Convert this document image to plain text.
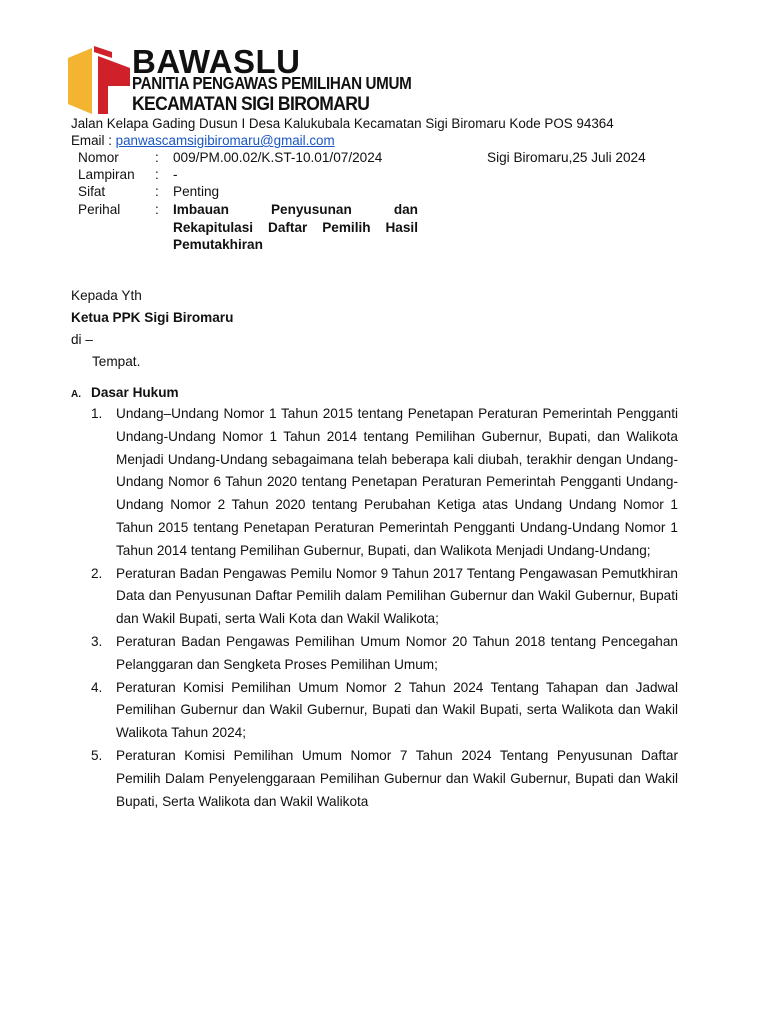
BAWASLU
PANITIA PENGAWAS PEMILIHAN UMUM
KECAMATAN SIGI BIROMARU
Jalan Kelapa Gading Dusun I Desa Kalukubala Kecamatan Sigi Biromaru Kode POS 94364
Email : panwascamsigibiromaru@gmail.com
Nomor	: 009/PM.00.02/K.ST-10.01/07/2024	Sigi Biromaru,25 Juli 2024
Lampiran : -
Sifat	: Penting
Perihal	: Imbauan Penyusunan dan Rekapitulasi Daftar Pemilih Hasil Pemutakhiran
Kepada Yth
Ketua PPK Sigi Biromaru
di –
Tempat.
A. Dasar Hukum
1. Undang–Undang Nomor 1 Tahun 2015 tentang Penetapan Peraturan Pemerintah Pengganti Undang-Undang Nomor 1 Tahun 2014 tentang Pemilihan Gubernur, Bupati, dan Walikota Menjadi Undang-Undang sebagaimana telah beberapa kali diubah, terakhir dengan Undang-Undang Nomor 6 Tahun 2020 tentang Penetapan Peraturan Pemerintah Pengganti Undang-Undang Nomor 2 Tahun 2020 tentang Perubahan Ketiga atas Undang Undang Nomor 1 Tahun 2015 tentang Penetapan Peraturan Pemerintah Pengganti Undang-Undang Nomor 1 Tahun 2014 tentang Pemilihan Gubernur, Bupati, dan Walikota Menjadi Undang-Undang;
2. Peraturan Badan Pengawas Pemilu Nomor 9 Tahun 2017 Tentang Pengawasan Pemutkhiran Data dan Penyusunan Daftar Pemilih dalam Pemilihan Gubernur dan Wakil Gubernur, Bupati dan Wakil Bupati, serta Wali Kota dan Wakil Walikota;
3. Peraturan Badan Pengawas Pemilihan Umum Nomor 20 Tahun 2018 tentang Pencegahan Pelanggaran dan Sengketa Proses Pemilihan Umum;
4. Peraturan Komisi Pemilihan Umum Nomor 2 Tahun 2024 Tentang Tahapan dan Jadwal Pemilihan Gubernur dan Wakil Gubernur, Bupati dan Wakil Bupati, serta Walikota dan Wakil Walikota Tahun 2024;
5. Peraturan Komisi Pemilihan Umum Nomor 7 Tahun 2024 Tentang Penyusunan Daftar Pemilih Dalam Penyelenggaraan Pemilihan Gubernur dan Wakil Gubernur, Bupati dan Wakil Bupati, Serta Walikota dan Wakil Walikota
